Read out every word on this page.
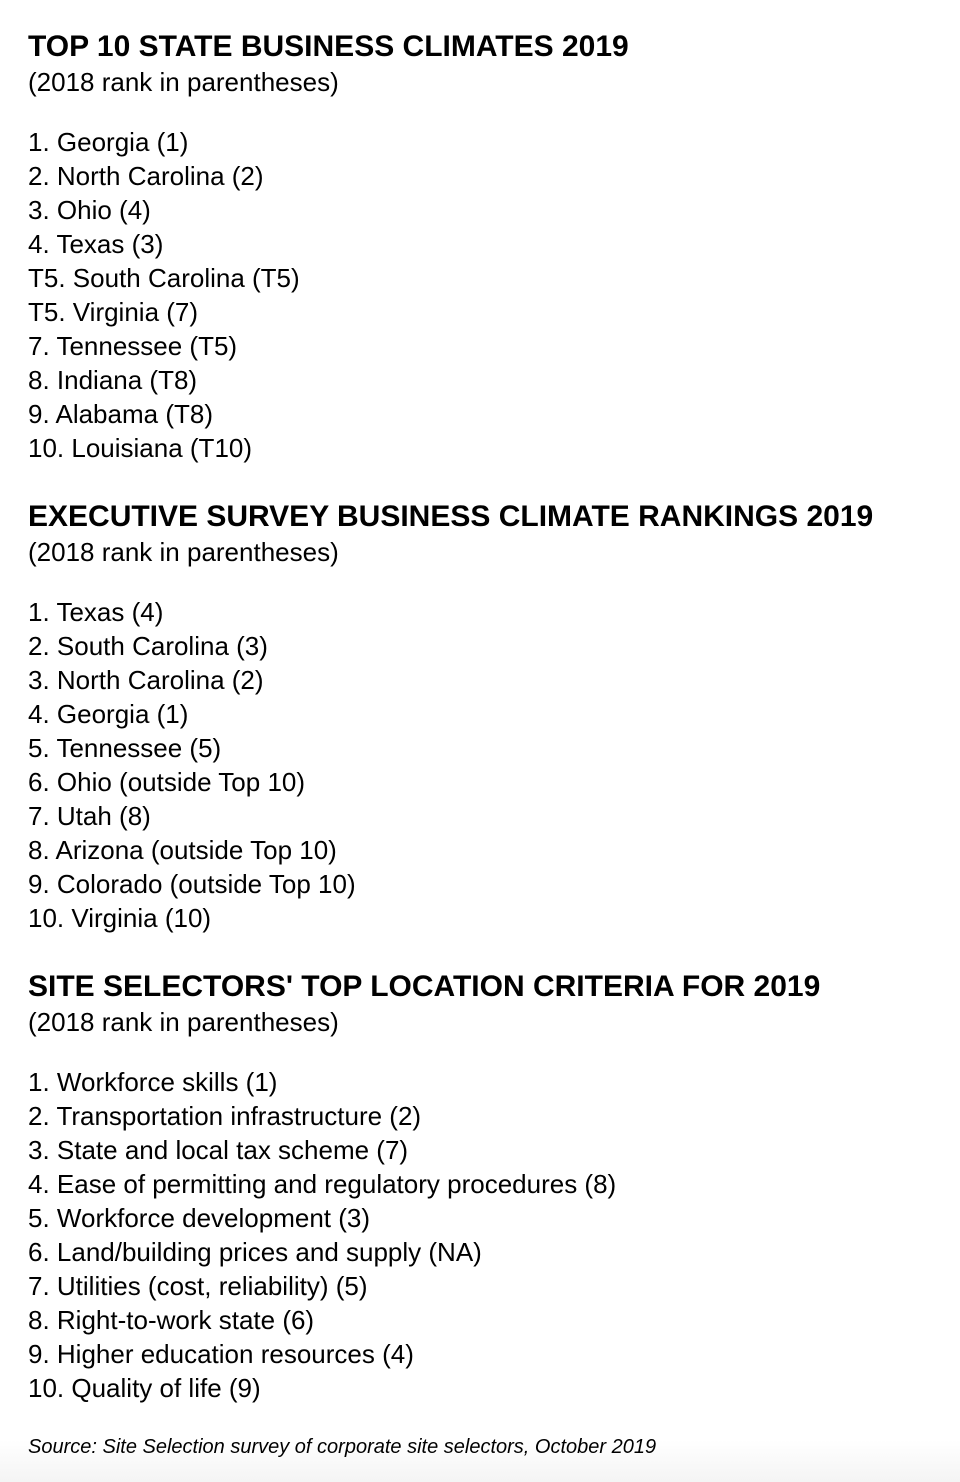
TOP 10 STATE BUSINESS CLIMATES 2019
(2018 rank in parentheses)
1. Georgia (1)
2. North Carolina (2)
3. Ohio (4)
4. Texas (3)
T5. South Carolina (T5)
T5. Virginia (7)
7. Tennessee (T5)
8. Indiana (T8)
9. Alabama (T8)
10. Louisiana (T10)
EXECUTIVE SURVEY BUSINESS CLIMATE RANKINGS 2019
(2018 rank in parentheses)
1. Texas (4)
2. South Carolina (3)
3. North Carolina (2)
4. Georgia (1)
5. Tennessee (5)
6. Ohio (outside Top 10)
7. Utah (8)
8. Arizona (outside Top 10)
9. Colorado (outside Top 10)
10. Virginia (10)
SITE SELECTORS' TOP LOCATION CRITERIA FOR 2019
(2018 rank in parentheses)
1. Workforce skills (1)
2. Transportation infrastructure (2)
3. State and local tax scheme (7)
4. Ease of permitting and regulatory procedures (8)
5. Workforce development (3)
6. Land/building prices and supply (NA)
7. Utilities (cost, reliability) (5)
8. Right-to-work state (6)
9. Higher education resources (4)
10. Quality of life (9)

Source: Site Selection survey of corporate site selectors, October 2019
